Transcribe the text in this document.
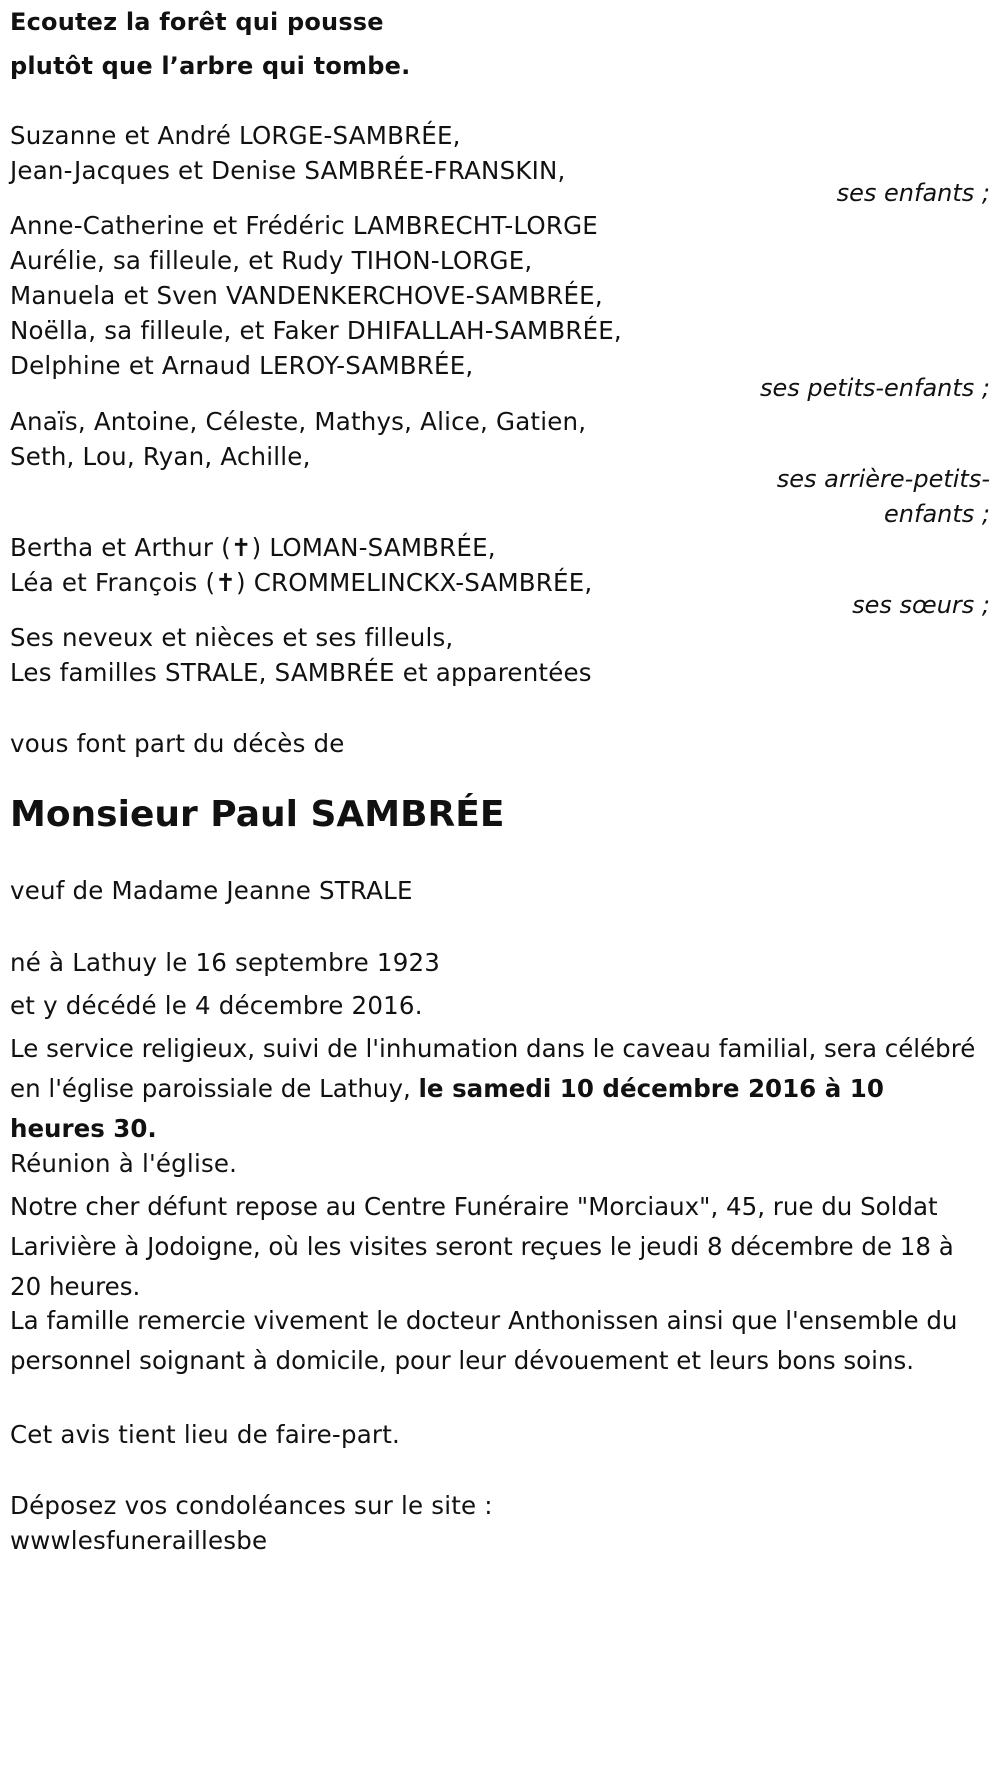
Ecoutez la forêt qui pousse
plutôt que l’arbre qui tombe.
Suzanne et André LORGE-SAMBRÉE,
Jean-Jacques et Denise SAMBRÉE-FRANSKIN,
ses enfants ;
Anne-Catherine et Frédéric LAMBRECHT-LORGE
Aurélie, sa filleule, et Rudy TIHON-LORGE,
Manuela et Sven VANDENKERCHOVE-SAMBRÉE,
Noëlla, sa filleule, et Faker DHIFALLAH-SAMBRÉE,
Delphine et Arnaud LEROY-SAMBRÉE,
ses petits-enfants ;
Anaïs, Antoine, Céleste, Mathys, Alice, Gatien,
Seth, Lou, Ryan, Achille,
ses arrière-petits-
enfants ;
Bertha et Arthur (✝) LOMAN-SAMBRÉE,
Léa et François (✝) CROMMELINCKX-SAMBRÉE,
ses sœurs ;
Ses neveux et nièces et ses filleuls,
Les familles STRALE, SAMBRÉE et apparentées
vous font part du décès de
Monsieur Paul SAMBRÉE
veuf de Madame Jeanne STRALE
né à Lathuy le 16 septembre 1923
et y décédé le 4 décembre 2016.
Le service religieux, suivi de l'inhumation dans le caveau familial, sera célébré en l'église paroissiale de Lathuy, le samedi 10 décembre 2016 à 10 heures 30.
Réunion à l'église.
Notre cher défunt repose au Centre Funéraire "Morciaux", 45, rue du Soldat Larivière à Jodoigne, où les visites seront reçues le jeudi 8 décembre de 18 à 20 heures.
La famille remercie vivement le docteur Anthonissen ainsi que l'ensemble du personnel soignant à domicile, pour leur dévouement et leurs bons soins.
Cet avis tient lieu de faire-part.
Déposez vos condoléances sur le site :
wwwlesfuneraillesbe
